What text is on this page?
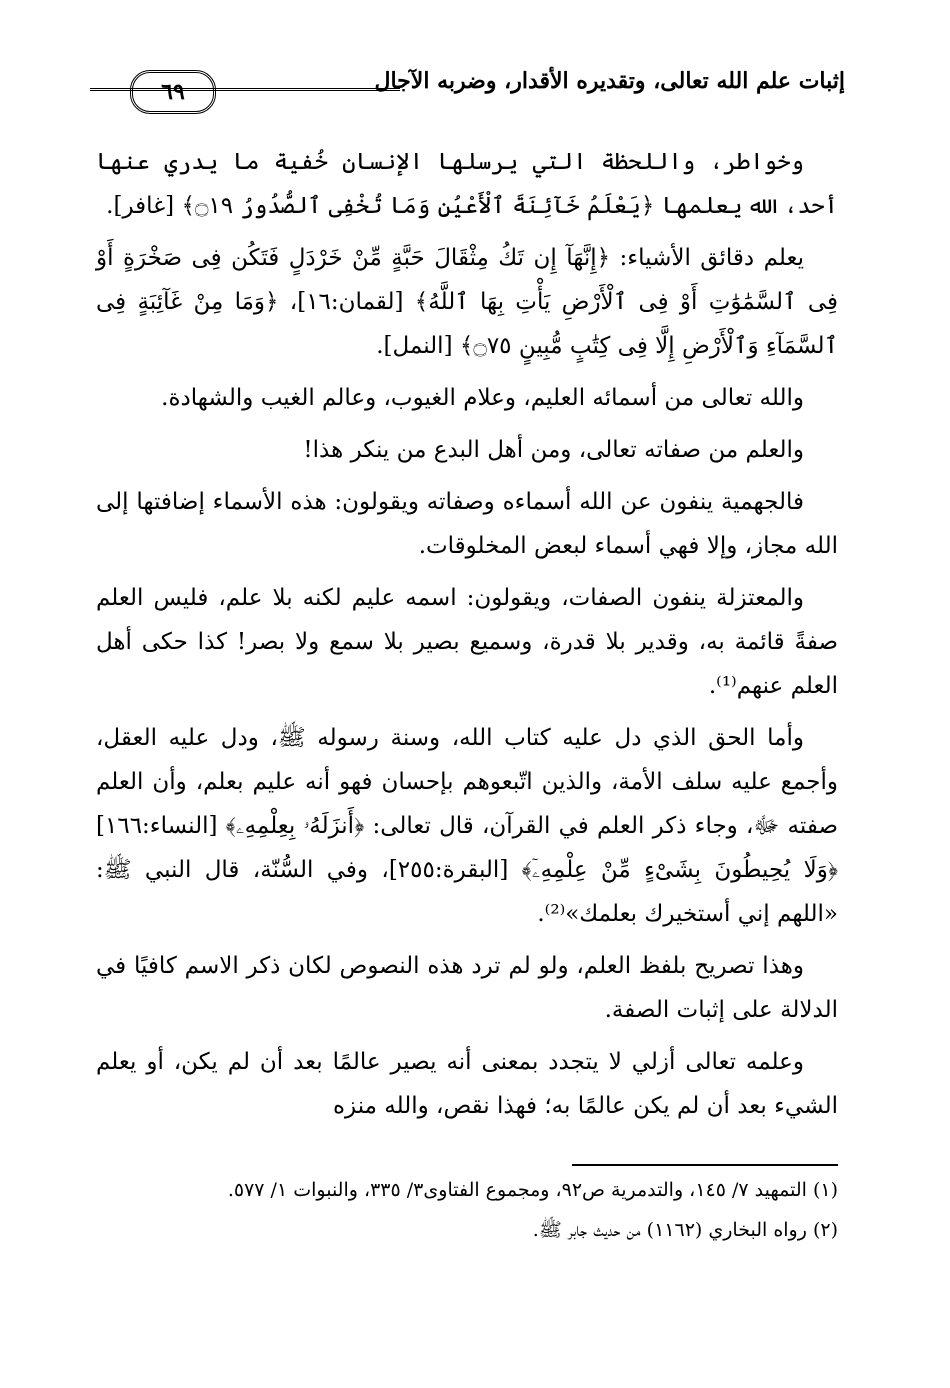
إثبات علم الله تعالى، وتقديره الأقدار، وضربه الآجال
٦٩

وخواطر، واللحظة التي يرسلها الإنسان خُفية ما يدري عنها أحد، الله يعلمها ﴿يَعْلَمُ خَآئِنَةَ ٱلْأَعْيُنِ وَمَا تُخْفِى ٱلصُّدُورُ ۝١٩﴾ [غافر].

يعلم دقائق الأشياء: ﴿إِنَّهَآ إِن تَكُ مِثْقَالَ حَبَّةٍ مِّنْ خَرْدَلٍ فَتَكُن فِى صَخْرَةٍ أَوْ فِى ٱلسَّمَٰوَٰتِ أَوْ فِى ٱلْأَرْضِ يَأْتِ بِهَا ٱللَّهُ﴾ [لقمان:١٦]، ﴿وَمَا مِنْ غَآئِبَةٍ فِى ٱلسَّمَآءِ وَٱلْأَرْضِ إِلَّا فِى كِتَٰبٍ مُّبِينٍ ۝٧٥﴾ [النمل].

والله تعالى من أسمائه العليم، وعلام الغيوب، وعالم الغيب والشهادة.

والعلم من صفاته تعالى، ومن أهل البدع من ينكر هذا!

فالجهمية ينفون عن الله أسماءه وصفاته ويقولون: هذه الأسماء إضافتها إلى الله مجاز، وإلا فهي أسماء لبعض المخلوقات.

والمعتزلة ينفون الصفات، ويقولون: اسمه عليم لكنه بلا علم، فليس العلم صفةً قائمة به، وقدير بلا قدرة، وسميع بصير بلا سمع ولا بصر! كذا حكى أهل العلم عنهم⁽¹⁾.

وأما الحق الذي دل عليه كتاب الله، وسنة رسوله ﷺ، ودل عليه العقل، وأجمع عليه سلف الأمة، والذين اتّبعوهم بإحسان فهو أنه عليم بعلم، وأن العلم صفته ﷻ، وجاء ذكر العلم في القرآن، قال تعالى: ﴿أَنزَلَهُۥ بِعِلْمِهِۦ﴾ [النساء:١٦٦] ﴿وَلَا يُحِيطُونَ بِشَىْءٍ مِّنْ عِلْمِهِۦٓ﴾ [البقرة:٢٥٥]، وفي السُّنّة، قال النبي ﷺ: «اللهم إني أستخيرك بعلمك»⁽²⁾.

وهذا تصريح بلفظ العلم، ولو لم ترد هذه النصوص لكان ذكر الاسم كافيًا في الدلالة على إثبات الصفة.

وعلمه تعالى أزلي لا يتجدد بمعنى أنه يصير عالمًا بعد أن لم يكن، أو يعلم الشيء بعد أن لم يكن عالمًا به؛ فهذا نقص، والله منزه

(١) التمهيد ٧/ ١٤٥، والتدمرية ص٩٢، ومجموع الفتاوى٣/ ٣٣٥، والنبوات ١/ ٥٧٧.

(٢) رواه البخاري (١١٦٢) من حديث جابر ﷺ.
